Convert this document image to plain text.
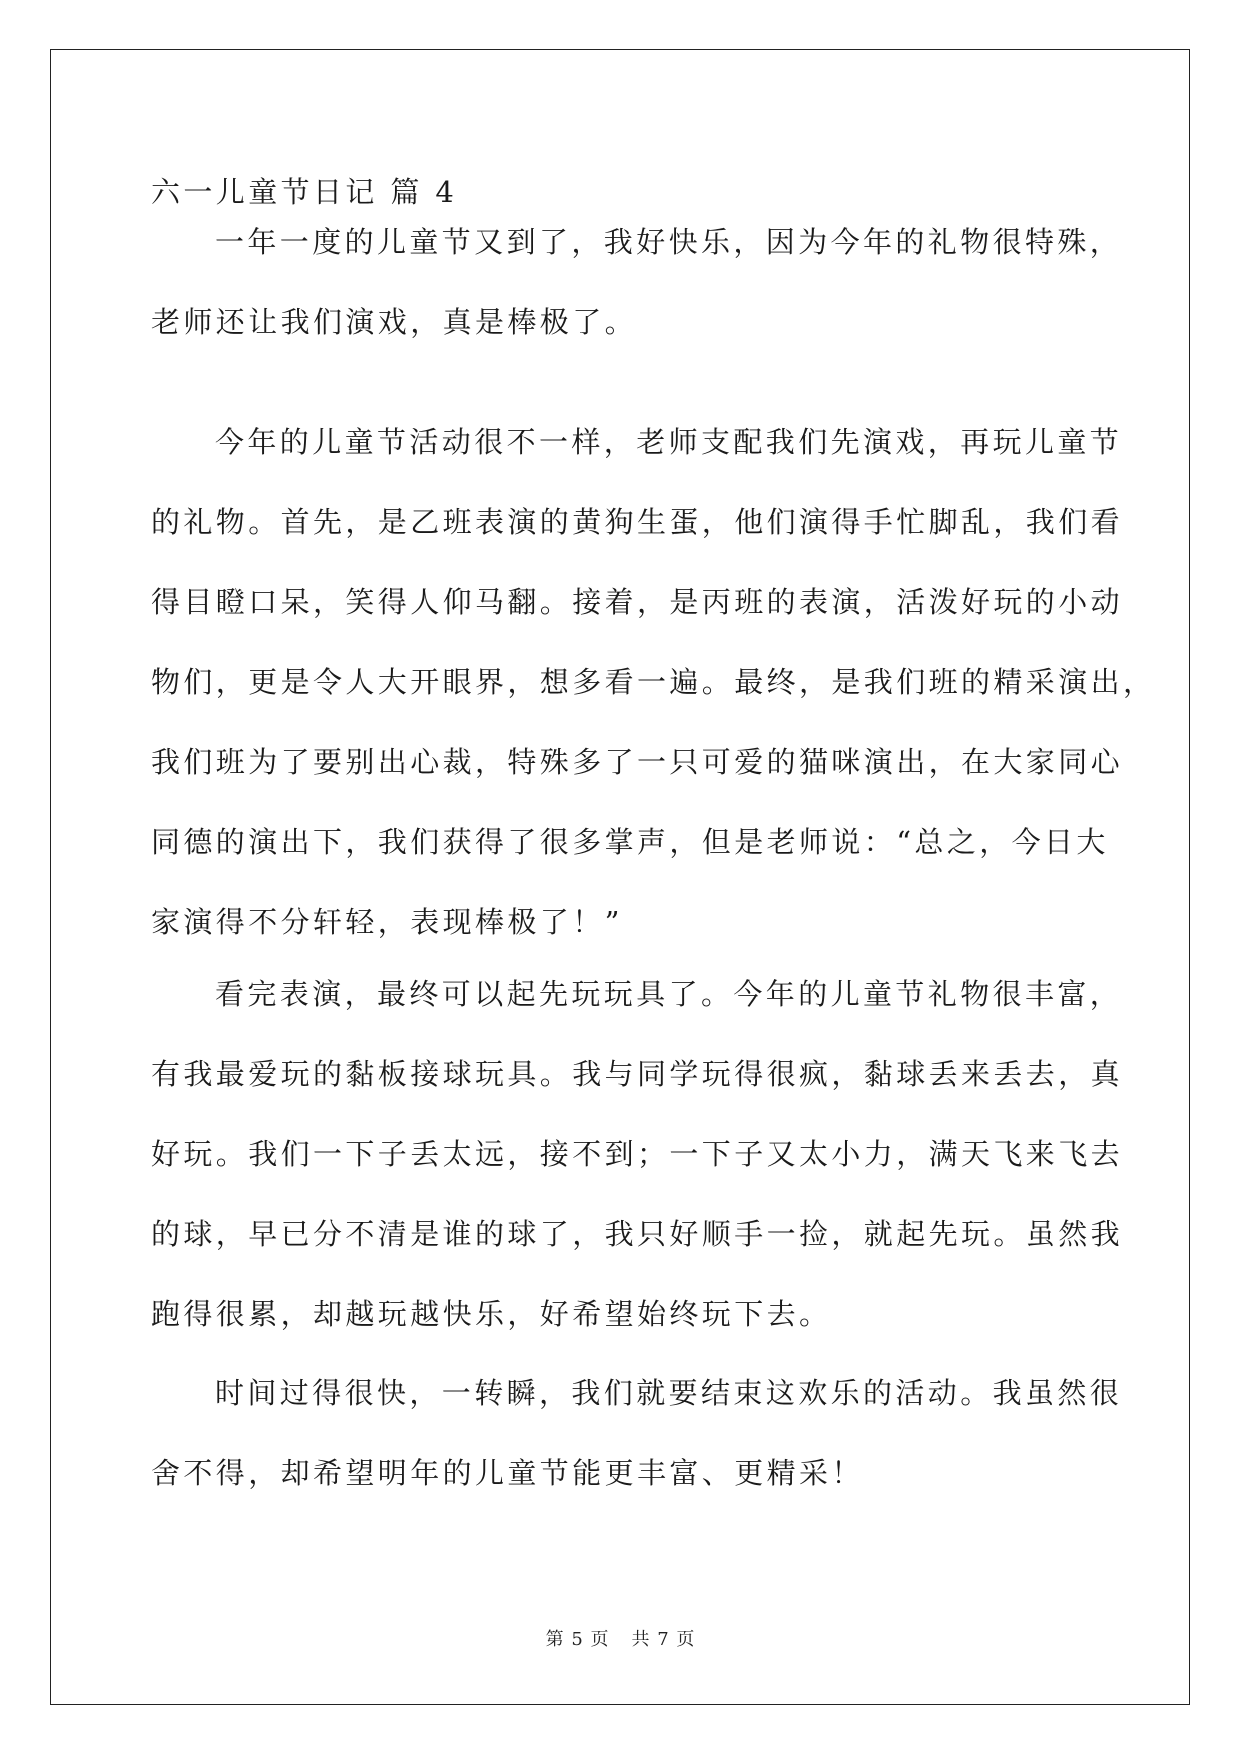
六一儿童节日记 篇 4
一年一度的儿童节又到了，我好快乐，因为今年的礼物很特殊，
老师还让我们演戏，真是棒极了。
今年的儿童节活动很不一样，老师支配我们先演戏，再玩儿童节
的礼物。首先，是乙班表演的黄狗生蛋，他们演得手忙脚乱，我们看
得目瞪口呆，笑得人仰马翻。接着，是丙班的表演，活泼好玩的小动
物们，更是令人大开眼界，想多看一遍。最终，是我们班的精采演出，
我们班为了要别出心裁，特殊多了一只可爱的猫咪演出，在大家同心
同德的演出下，我们获得了很多掌声，但是老师说：“总之，今日大
家演得不分轩轻，表现棒极了！”
看完表演，最终可以起先玩玩具了。今年的儿童节礼物很丰富，
有我最爱玩的黏板接球玩具。我与同学玩得很疯，黏球丢来丢去，真
好玩。我们一下子丢太远，接不到；一下子又太小力，满天飞来飞去
的球，早已分不清是谁的球了，我只好顺手一捡，就起先玩。虽然我
跑得很累，却越玩越快乐，好希望始终玩下去。
时间过得很快，一转瞬，我们就要结束这欢乐的活动。我虽然很
舍不得，却希望明年的儿童节能更丰富、更精采！
第 5 页 共 7 页
